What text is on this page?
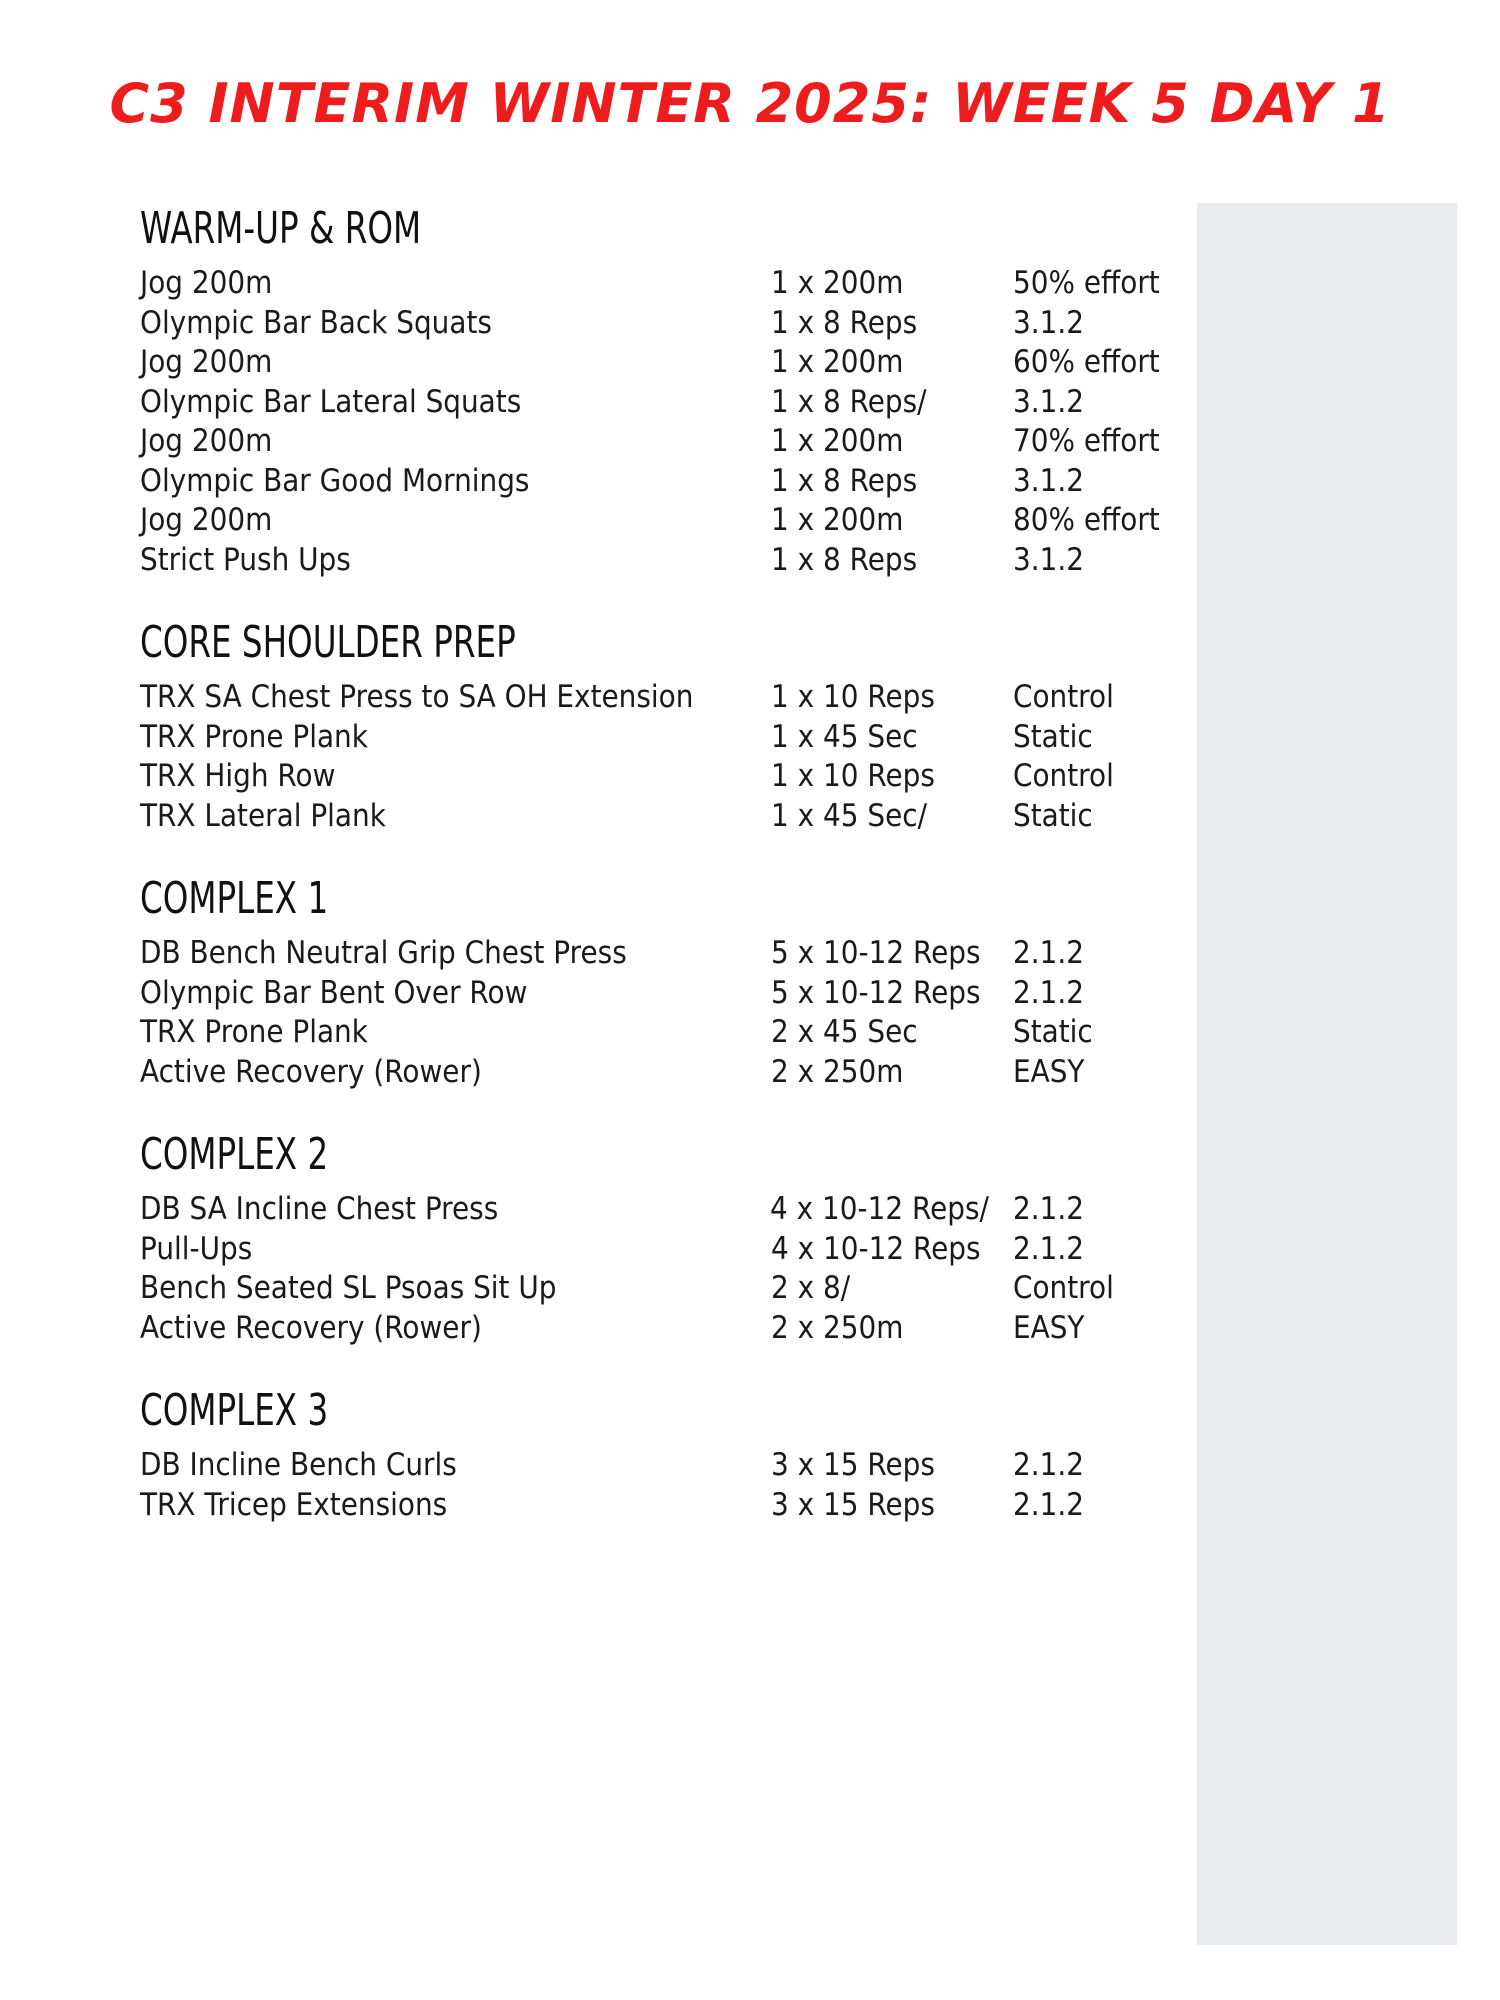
C3 INTERIM WINTER 2025: WEEK 5 DAY 1
WARM-UP & ROM
Jog 200m	1 x 200m	50% effort
Olympic Bar Back Squats	1 x 8 Reps	3.1.2
Jog 200m	1 x 200m	60% effort
Olympic Bar Lateral Squats	1 x 8 Reps/	3.1.2
Jog 200m	1 x 200m	70% effort
Olympic Bar Good Mornings	1 x 8 Reps	3.1.2
Jog 200m	1 x 200m	80% effort
Strict Push Ups	1 x 8 Reps	3.1.2
CORE SHOULDER PREP
TRX SA Chest Press to SA OH Extension	1 x 10 Reps	Control
TRX Prone Plank	1 x 45 Sec	Static
TRX High Row	1 x 10 Reps	Control
TRX Lateral Plank	1 x 45 Sec/	Static
COMPLEX 1
DB Bench Neutral Grip Chest Press	5 x 10-12 Reps 2.1.2
Olympic Bar Bent Over Row	5 x 10-12 Reps 2.1.2
TRX Prone Plank	2 x 45 Sec	Static
Active Recovery (Rower)	2 x 250m	EASY
COMPLEX 2
DB SA Incline Chest Press	4 x 10-12 Reps/ 2.1.2
Pull-Ups	4 x 10-12 Reps 2.1.2
Bench Seated SL Psoas Sit Up	2 x 8/	Control
Active Recovery (Rower)	2 x 250m	EASY
COMPLEX 3
DB Incline Bench Curls	3 x 15 Reps	2.1.2
TRX Tricep Extensions	3 x 15 Reps	2.1.2
